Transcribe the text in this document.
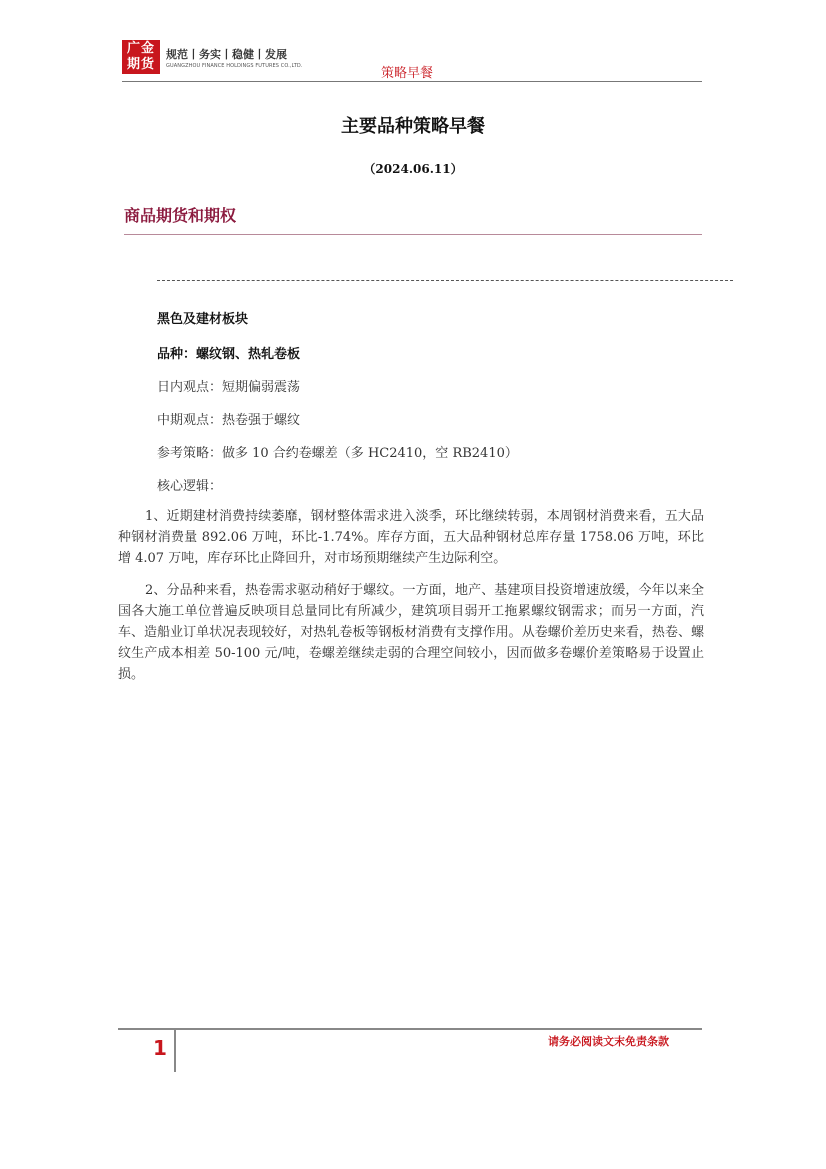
广金
期货
规范丨务实丨稳健丨发展
GUANGZHOU FINANCE HOLDINGS FUTURES CO.,LTD.	策略早餐
主要品种策略早餐
（2024.06.11）
商品期货和期权
黑色及建材板块
品种：螺纹钢、热轧卷板
日内观点：短期偏弱震荡
中期观点：热卷强于螺纹
参考策略：做多 10 合约卷螺差（多 HC2410，空 RB2410）
核心逻辑：

1、近期建材消费持续萎靡，钢材整体需求进入淡季，环比继续转弱，本周钢材消费来看，五大品种钢材消费量 892.06 万吨，环比-1.74%。库存方面，五大品种钢材总库存量 1758.06 万吨，环比增 4.07 万吨，库存环比止降回升，对市场预期继续产生边际利空。

2、分品种来看，热卷需求驱动稍好于螺纹。一方面，地产、基建项目投资增速放缓，今年以来全国各大施工单位普遍反映项目总量同比有所减少，建筑项目弱开工拖累螺纹钢需求；而另一方面，汽车、造船业订单状况表现较好，对热轧卷板等钢板材消费有支撑作用。从卷螺价差历史来看，热卷、螺纹生产成本相差 50-100 元/吨，卷螺差继续走弱的合理空间较小，因而做多卷螺价差策略易于设置止损。

1	请务必阅读文末免责条款
